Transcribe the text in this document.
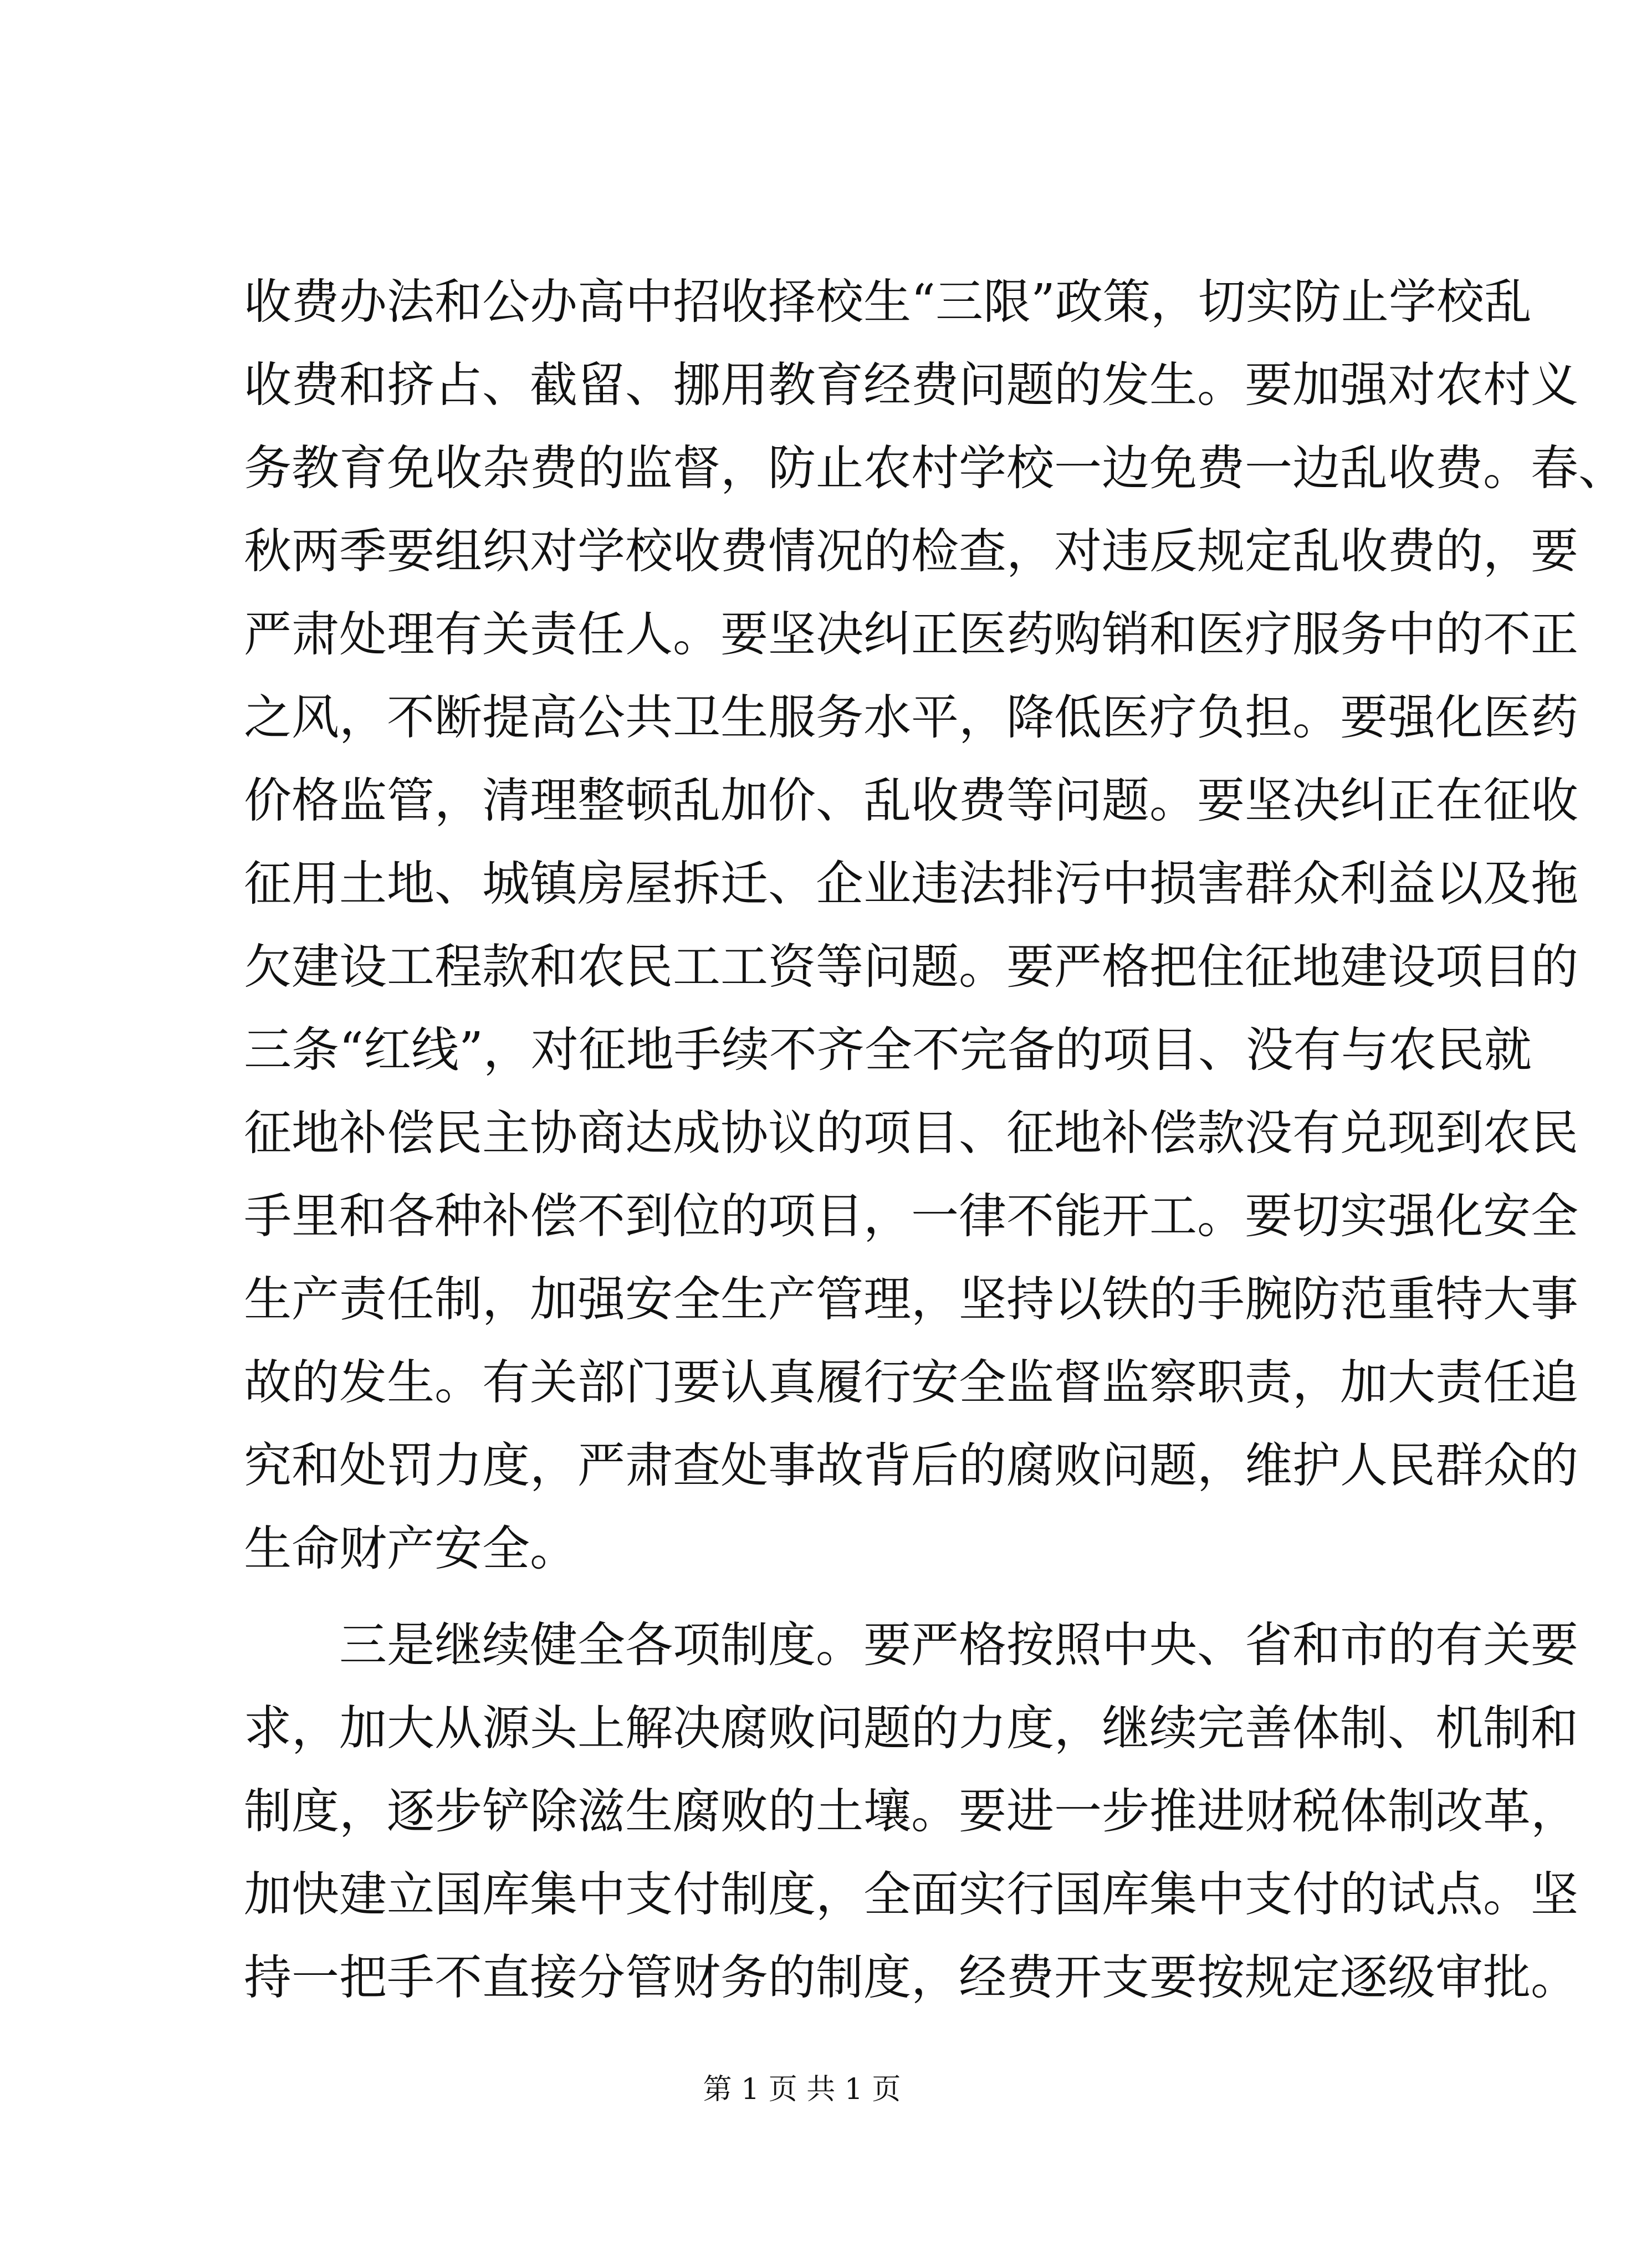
收费办法和公办高中招收择校生“三限”政策，切实防止学校乱
收费和挤占、截留、挪用教育经费问题的发生。要加强对农村义
务教育免收杂费的监督，防止农村学校一边免费一边乱收费。春、
秋两季要组织对学校收费情况的检查，对违反规定乱收费的，要
严肃处理有关责任人。要坚决纠正医药购销和医疗服务中的不正
之风，不断提高公共卫生服务水平，降低医疗负担。要强化医药
价格监管，清理整顿乱加价、乱收费等问题。要坚决纠正在征收
征用土地、城镇房屋拆迁、企业违法排污中损害群众利益以及拖
欠建设工程款和农民工工资等问题。要严格把住征地建设项目的
三条“红线”，对征地手续不齐全不完备的项目、没有与农民就
征地补偿民主协商达成协议的项目、征地补偿款没有兑现到农民
手里和各种补偿不到位的项目，一律不能开工。要切实强化安全
生产责任制，加强安全生产管理，坚持以铁的手腕防范重特大事
故的发生。有关部门要认真履行安全监督监察职责，加大责任追
究和处罚力度，严肃查处事故背后的腐败问题，维护人民群众的
生命财产安全。
三是继续健全各项制度。要严格按照中央、省和市的有关要
求，加大从源头上解决腐败问题的力度，继续完善体制、机制和
制度，逐步铲除滋生腐败的土壤。要进一步推进财税体制改革，
加快建立国库集中支付制度，全面实行国库集中支付的试点。坚
持一把手不直接分管财务的制度，经费开支要按规定逐级审批。
第 1 页 共 1 页
